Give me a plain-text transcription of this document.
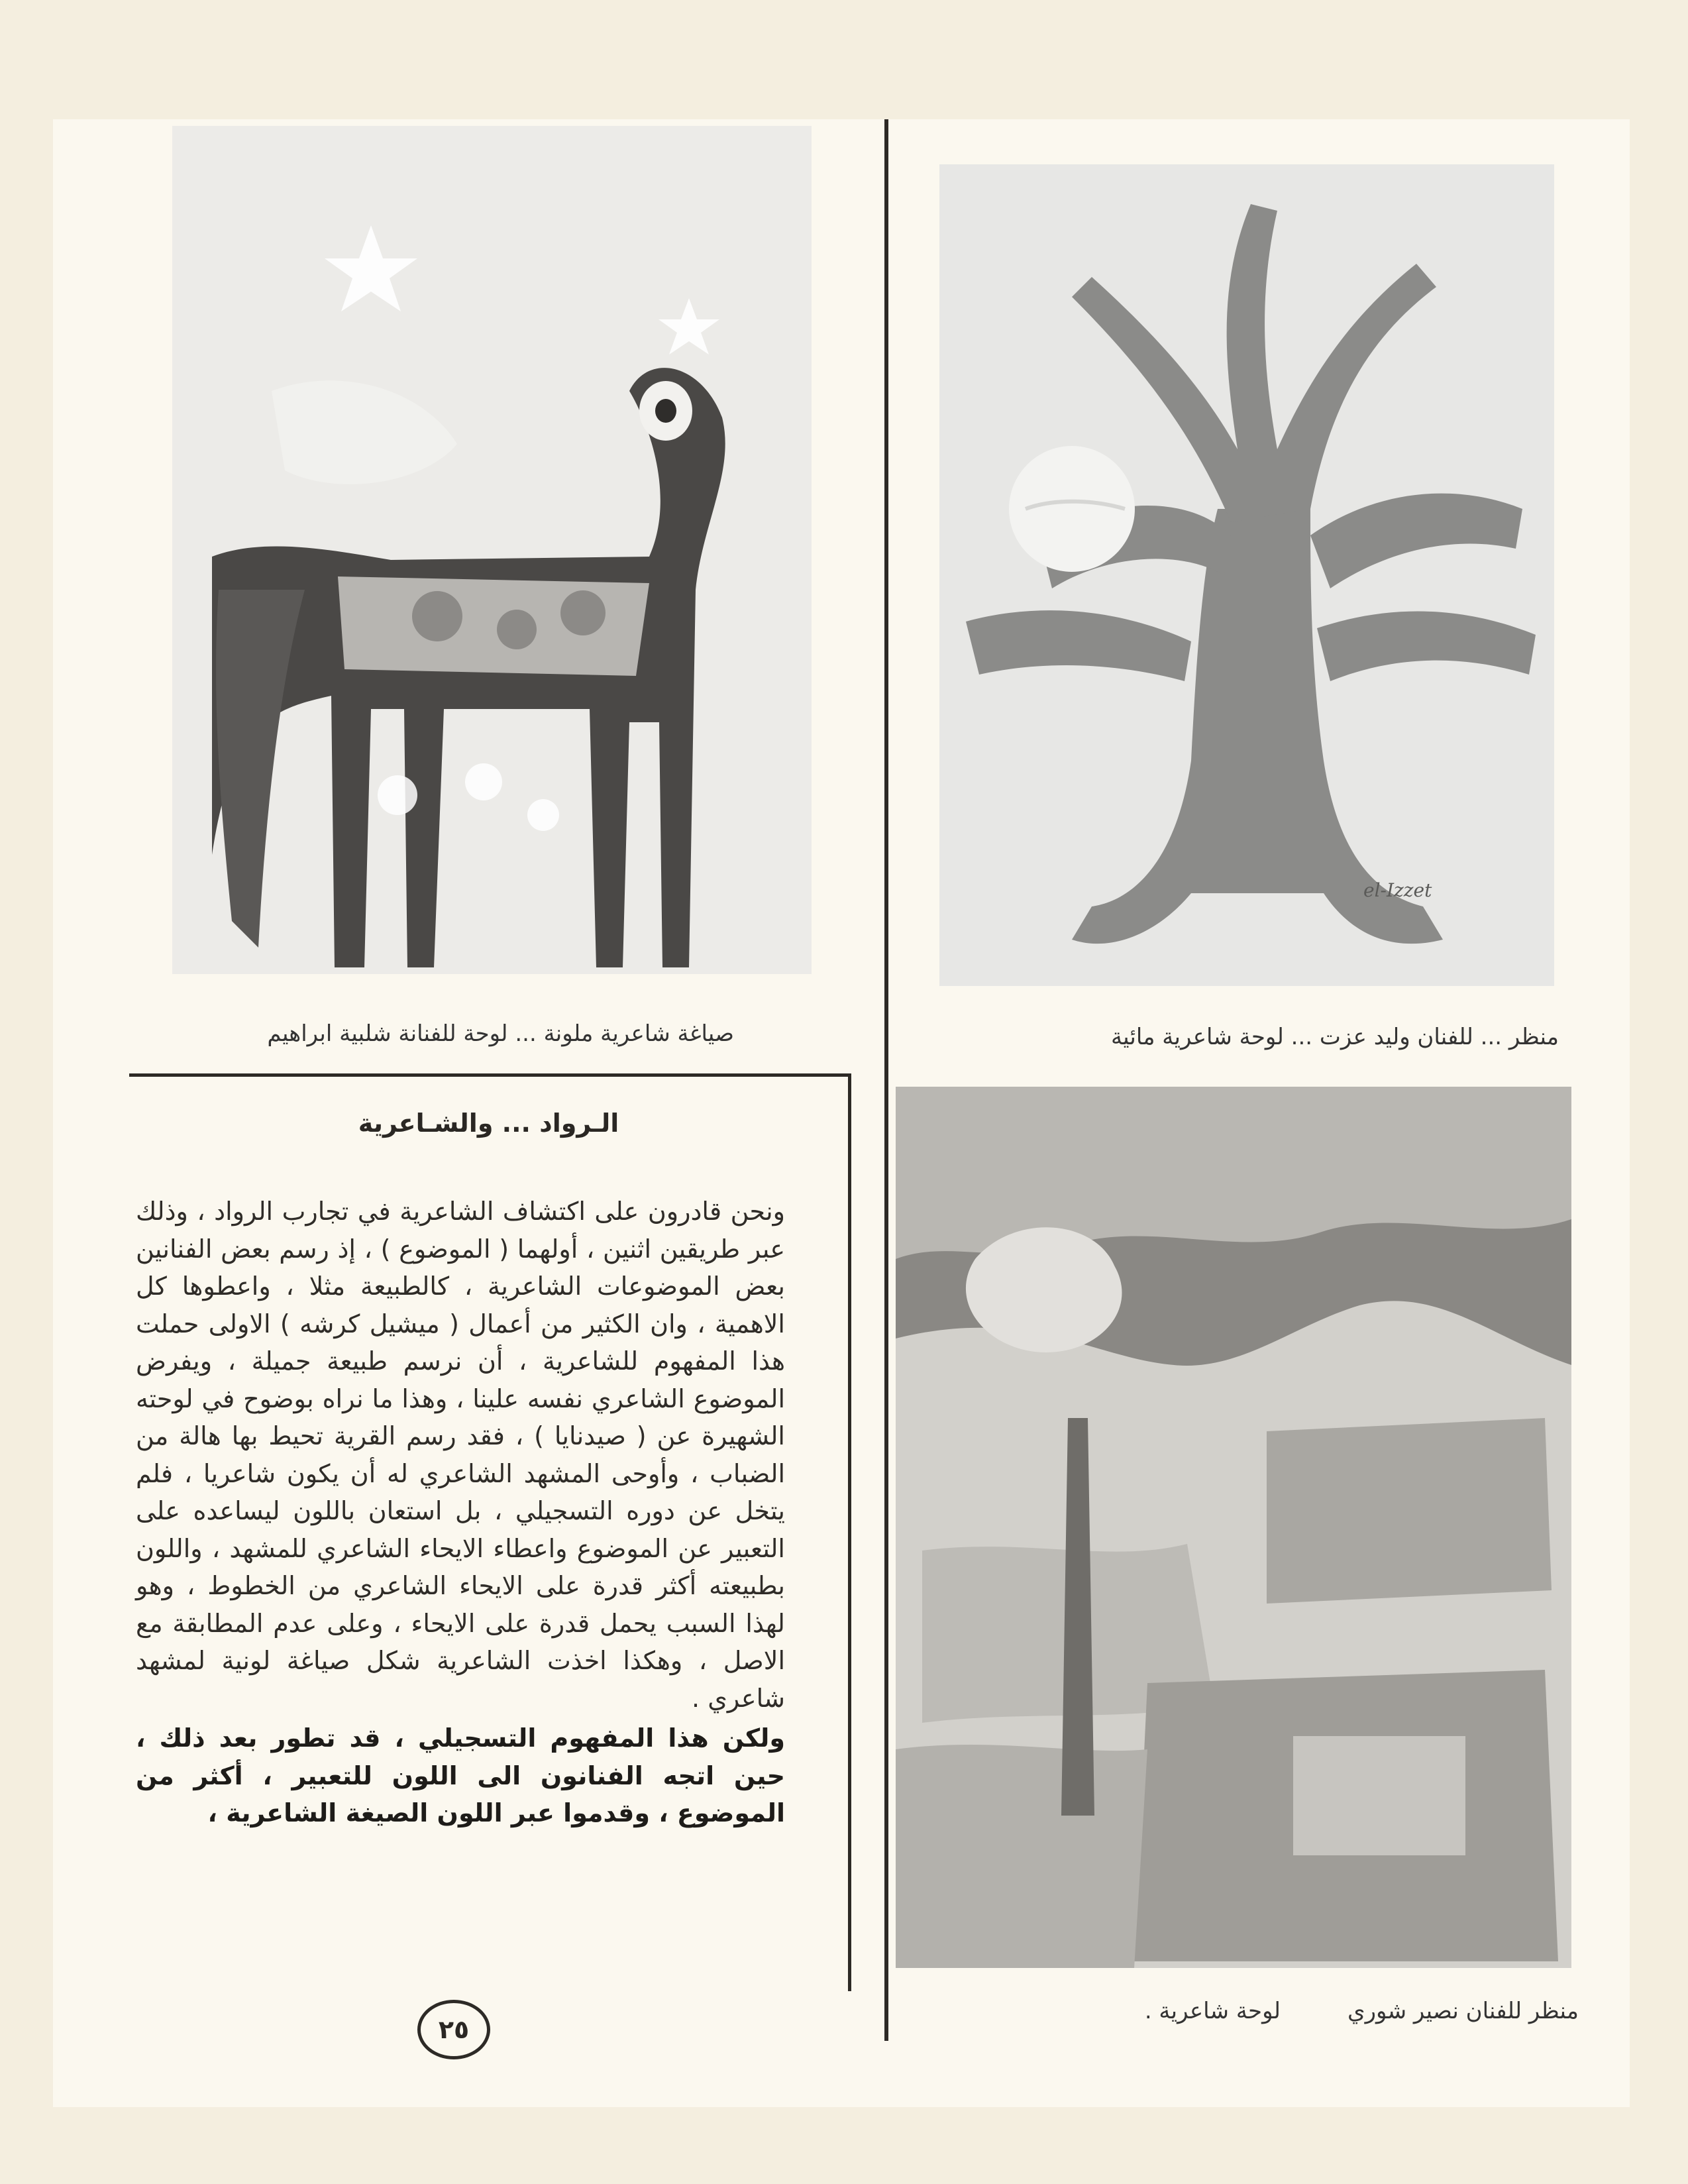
صياغة شاعرية ملونة ... لوحة للفنانة شلبية ابراهيم
el-Izzet
منظر ... للفنان وليد عزت ... لوحة شاعرية مائية
منظر للفنان نصير شوري
لوحة شاعرية .
الـرواد ... والشـاعرية

ونحن قادرون على اكتشاف الشاعرية في تجارب الرواد ، وذلك عبر طريقين اثنين ، أولهما ( الموضوع ) ، إذ رسم بعض الفنانين بعض الموضوعات الشاعرية ، كالطبيعة مثلا ، واعطوها كل الاهمية ، وان الكثير من أعمال ( ميشيل كرشه ) الاولى حملت هذا المفهوم للشاعرية ، أن نرسم طبيعة جميلة ، ويفرض الموضوع الشاعري نفسه علينا ، وهذا ما نراه بوضوح في لوحته الشهيرة عن ( صيدنايا ) ، فقد رسم القرية تحيط بها هالة من الضباب ، وأوحى المشهد الشاعري له أن يكون شاعريا ، فلم يتخل عن دوره التسجيلي ، بل استعان باللون ليساعده على التعبير عن الموضوع واعطاء الايحاء الشاعري للمشهد ، واللون بطبيعته أكثر قدرة على الايحاء الشاعري من الخطوط ، وهو لهذا السبب يحمل قدرة على الايحاء ، وعلى عدم المطابقة مع الاصل ، وهكذا اخذت الشاعرية شكل صياغة لونية لمشهد شاعري .

ولكن هذا المفهوم التسجيلي ، قد تطور بعد ذلك ، حين اتجه الفنانون الى اللون للتعبير ، أكثر من الموضوع ، وقدموا عبر اللون الصيغة الشاعرية ،

٢٥
